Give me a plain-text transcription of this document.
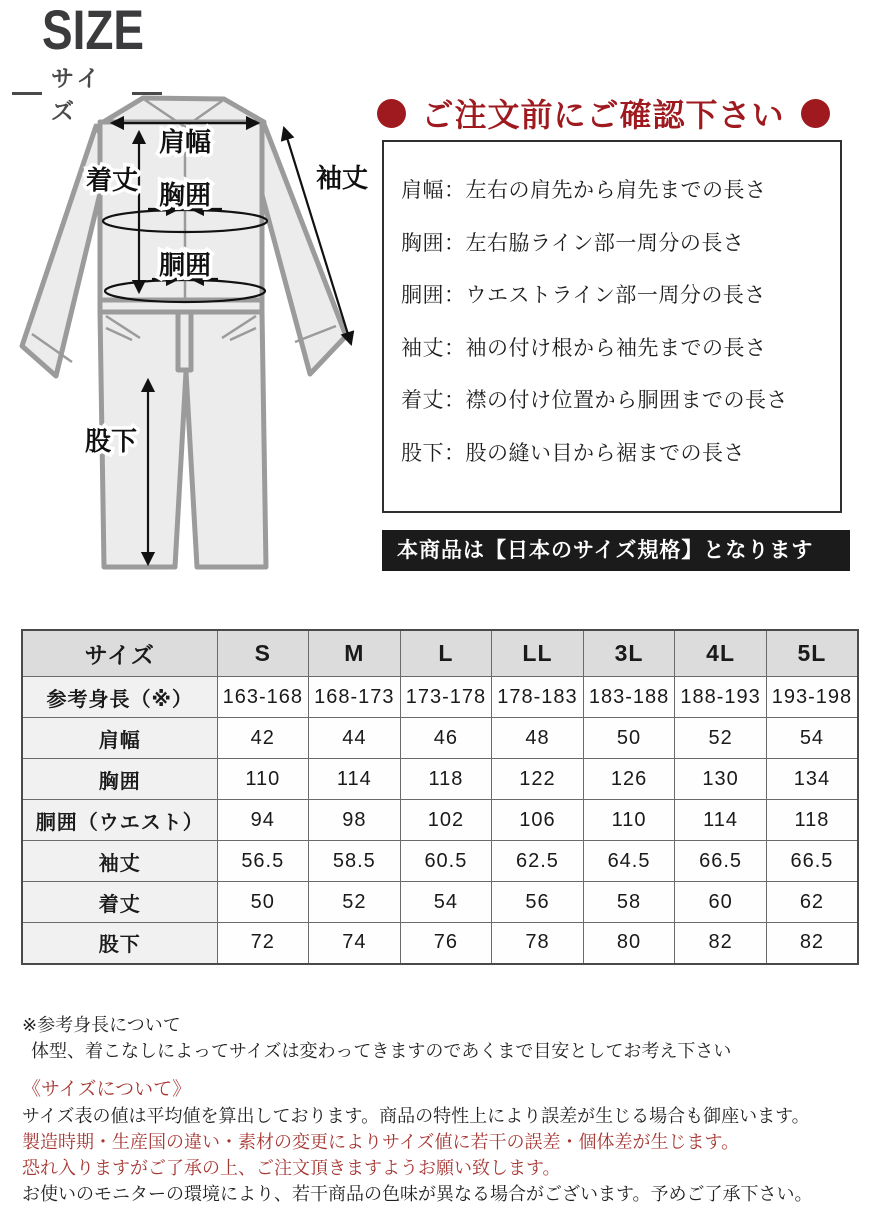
SIZE
サイズ
肩幅
着丈 胸囲
胴囲
袖丈
股下
ご注文前にご確認下さい
肩幅：左右の肩先から肩先までの長さ
胸囲：左右脇ライン部一周分の長さ
胴囲：ウエストライン部一周分の長さ
袖丈：袖の付け根から袖先までの長さ
着丈：襟の付け位置から胴囲までの長さ
股下：股の縫い目から裾までの長さ
本商品は【日本のサイズ規格】となります
サイズ	S	M	L	LL	3L	4L	5L
参考身長（※）	163-168	168-173	173-178	178-183	183-188	188-193	193-198
肩幅	42	44	46	48	50	52	54
胸囲	110	114	118	122	126	130	134
胴囲（ウエスト）	94	98	102	106	110	114	118
袖丈	56.5	58.5	60.5	62.5	64.5	66.5	66.5
着丈	50	52	54	56	58	60	62
股下	72	74	76	78	80	82	82
※参考身長について
体型、着こなしによってサイズは変わってきますのであくまで目安としてお考え下さい
《サイズについて》
サイズ表の値は平均値を算出しております。商品の特性上により誤差が生じる場合も御座います。
製造時期・生産国の違い・素材の変更によりサイズ値に若干の誤差・個体差が生じます。
恐れ入りますがご了承の上、ご注文頂きますようお願い致します。
お使いのモニターの環境により、若干商品の色味が異なる場合がございます。予めご了承下さい。
